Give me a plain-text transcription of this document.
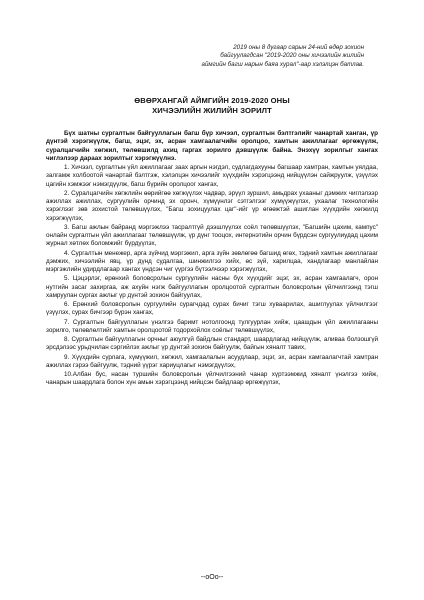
2019 оны 8 дугаар сарын 24-ний өдөр зохион
байгуулагдсан "2019-2020 оны хичээлийн жилийн
аймгийн багш нарын баяа хурал"-аар хэлэлцэн батлав.
ӨВӨРХАНГАЙ АЙМГИЙН 2019-2020 ОНЫ
ХИЧЭЭЛИЙН ЖИЛИЙН ЗОРИЛТ

Бүх шатны сургалтын байгууллагын багш бүр хичээл, сургалтын бэлтгэлийг чанартай ханган, үр дүнтэй хэрэгжүүлж, багш, эцэг, эх, асран хамгаалагчийн оролцоо, хамтын ажиллагааг өргөжүүлж, суралцагчийн хөгжил, төлөвшилд ахиц гаргах зорилго дэвшүүлж байна. Энэхүү зорилгыг хангах чиглэлээр дараах зорилтыг хэрэгжүүлнэ.

1. Хичээл, сургалтын үйл ажиллагааг заах аргын нэгдэл, судлагдахууны багшаар хамтран, хамтын уялдаа, залгамж холбоотой чанартай бэлтгэж, хэлэлцэн хичээлийг хүүхдийн хэрэгцээнд нийцүүлэн сайжруулж, үзүүлэх цагийн хэмжээг нэмэгдүүлж, багш бүрийн оролцоог хангах,

2. Суралцагчийн хөгжлийн өөрийгөө хөгжүүлэх чадвар, эрүүл зуршил, амьдрах ухааныг дэмжих чиглэлээр ажиллах ажиллах, сургуулийн орчинд эх оронч, хүмүүнлэг сэтгэлгээг хүмүүжүүлэх, ухаалаг технологийн хэрэглээг зөв зохистой төлөвшүүлэх, "Багш зохицуулах цаг"-ийг үр өгөөжтэй ашиглан хүүхдийн хөгжилд хэрэгжүүлэх,

3. Багш ажлын байранд мэргэжлээ тасралтгүй дээшлүүлэх соёл төлөвшүүлэх, "Багшийн цахим, кампус" онлайн сургалтын үйл ажиллагааг төлөвшүүлж, үр дүнг тооцох, интернэтийн орчин бүрдсэн сургуулиудад цахим журнал хөтлөх боломжийг бүрдүүлэх,

4. Сургалтын менежер, арга зүйчид мэргэжил, арга зүйн зөвлөгөө багшид өгөх, тэдний хамтын ажиллагааг дэмжих, хичээлийн явц, үр дүнд судалгаа, шинжилгээ хийх, өс зүй, харилцаа, хандлагаар манлайлан мэргэжлийн удирдлагаар хангах үндсэн чиг үүргээ бүтээлчээр хэрэгжүүлэх,

5. Цэцэрлэг, ерөнхий боловсролын сургуулийн насны бүх хүүхдийг эцэг, эх, асран хамгаалагч, орон нутгийн засаг захиргаа, аж ахуйн нэгж байгууллагын оролцоотой сургалтын боловсролын үйлчилгээнд тэгш хамруулан сургах ажлыг үр дүнтэй зохион байгуулах,

6. Ерөнхий боловсролын сургуулийн сурагчдад сурах бичиг тэгш хуваарилах, ашиглуулах үйлчилгээг үзүүлэх, сурах бичгээр бүрэн хангах,

7. Сургалтын байгууллагын үнэлгээ баримт нотолгоонд тулгуурлан хийж, цаашдын үйл ажиллагааны зорилго, төлөвлөлтийг хамтын оролцоотой тодорхойлох соёлыг төлөвшүүлэх,

8. Сургалтын байгууллагын орчныг аюулгүй байдлын стандарт, шаардлагад нийцүүлж, аливаа болзошгүй эрсдэлээс урьдчилан сэргийлэх ажлыг үр дүнтэй зохион байгуулж, байгын хяналт тавих,

9. Хүүхдийн сурлага, хүмүүжил, хөгжил, хамгаалалын асуудлаар, эцэг, эх, асран хамгаалагчтай хамтран ажиллах гэрээ байгуулж, тэдний үүрэг хариуцлагыг нэмэгдүүлэх,

10.Албан бус, насан туршийн боловсролын үйлчилгээний чанар хүртээмжид хяналт үнэлгээ хийж, чанарын шаардлага болон хүн амын хэрэгцээнд нийцсэн байдлаар өргөжүүлэх,

--oOo--
